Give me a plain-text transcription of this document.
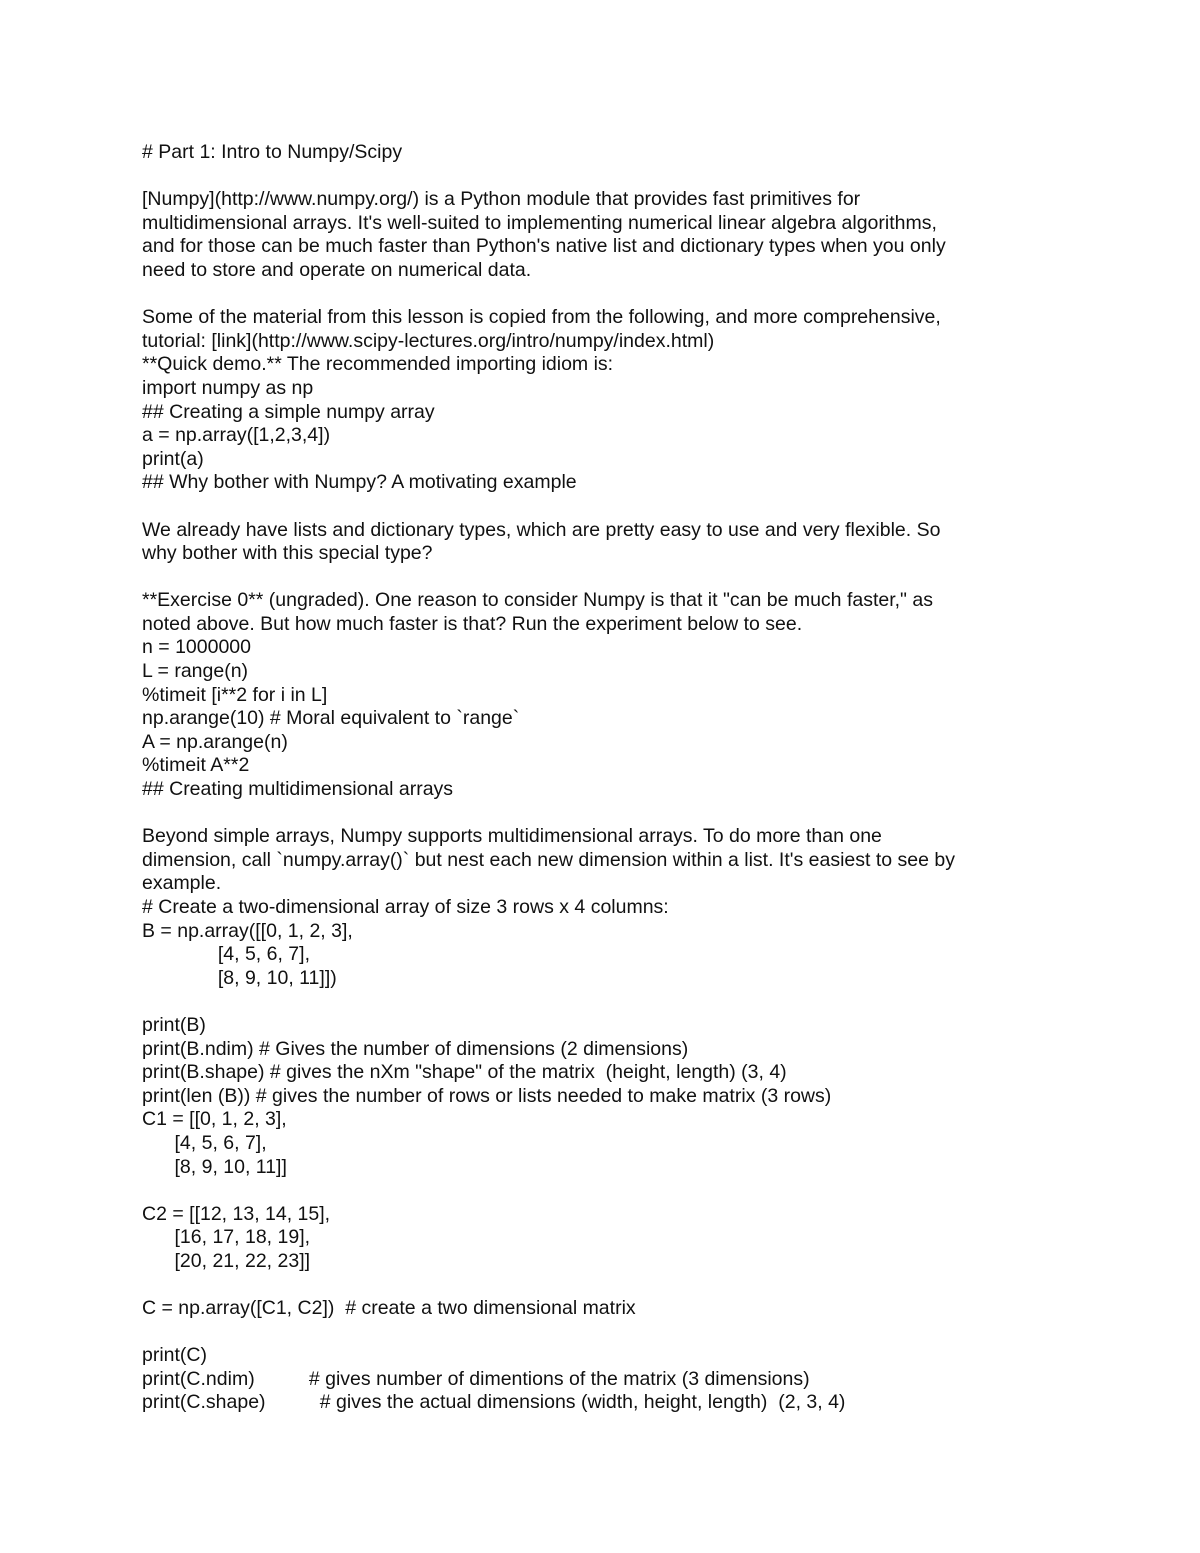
# Part 1: Intro to Numpy/Scipy
[Numpy](http://www.numpy.org/) is a Python module that provides fast primitives for
multidimensional arrays. It's well-suited to implementing numerical linear algebra algorithms,
and for those can be much faster than Python's native list and dictionary types when you only
need to store and operate on numerical data.
Some of the material from this lesson is copied from the following, and more comprehensive,
tutorial: [link](http://www.scipy-lectures.org/intro/numpy/index.html)
**Quick demo.** The recommended importing idiom is:
import numpy as np
## Creating a simple numpy array
a = np.array([1,2,3,4])
print(a)
## Why bother with Numpy? A motivating example
We already have lists and dictionary types, which are pretty easy to use and very flexible. So
why bother with this special type?
**Exercise 0** (ungraded). One reason to consider Numpy is that it "can be much faster," as
noted above. But how much faster is that? Run the experiment below to see.
n = 1000000
L = range(n)
%timeit [i**2 for i in L]
np.arange(10) # Moral equivalent to `range`
A = np.arange(n)
%timeit A**2
## Creating multidimensional arrays
Beyond simple arrays, Numpy supports multidimensional arrays. To do more than one
dimension, call `numpy.array()` but nest each new dimension within a list. It's easiest to see by
example.
# Create a two-dimensional array of size 3 rows x 4 columns:
B = np.array([[0, 1, 2, 3],
[4, 5, 6, 7],
[8, 9, 10, 11]])
print(B)
print(B.ndim) # Gives the number of dimensions (2 dimensions)
print(B.shape) # gives the nXm "shape" of the matrix  (height, length) (3, 4)
print(len (B)) # gives the number of rows or lists needed to make matrix (3 rows)
C1 = [[0, 1, 2, 3],
[4, 5, 6, 7],
[8, 9, 10, 11]]
C2 = [[12, 13, 14, 15],
[16, 17, 18, 19],
[20, 21, 22, 23]]
C = np.array([C1, C2])  # create a two dimensional matrix
print(C)
print(C.ndim)          # gives number of dimentions of the matrix (3 dimensions)
print(C.shape)          # gives the actual dimensions (width, height, length)  (2, 3, 4)
